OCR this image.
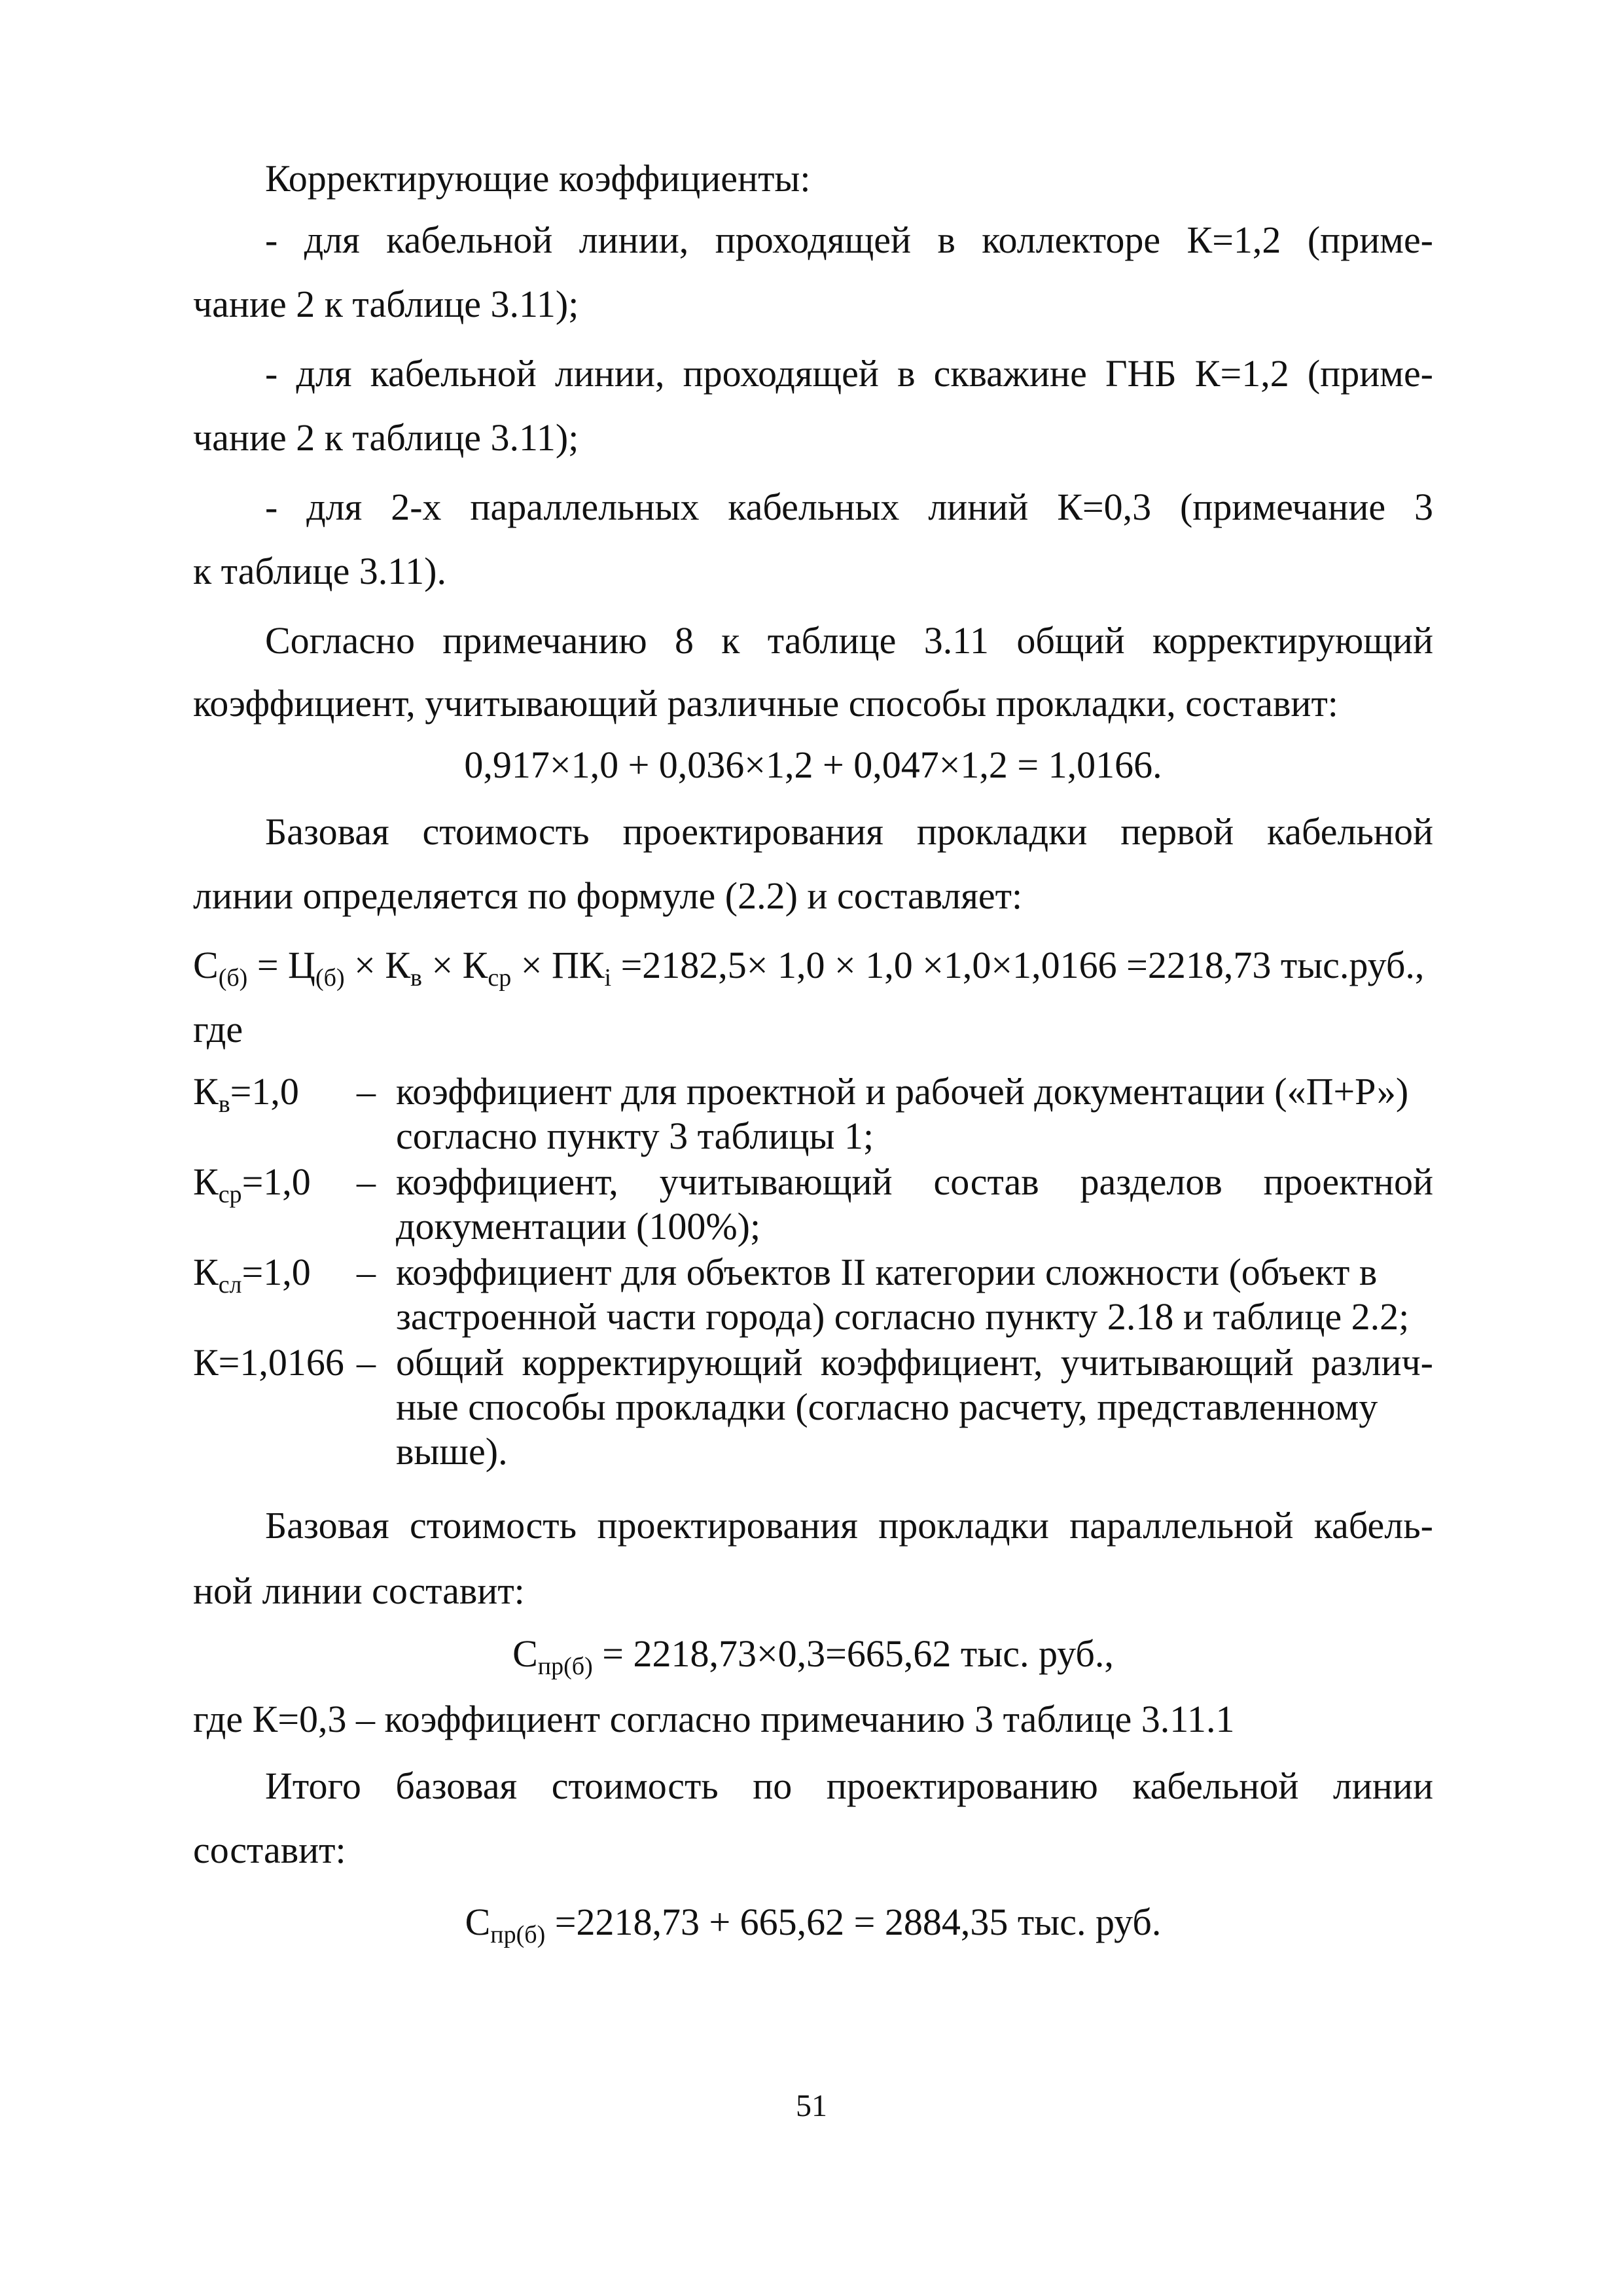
Корректирующие коэффициенты:
- для кабельной линии, проходящей в коллекторе К=1,2 (приме-
чание 2 к таблице 3.11);
- для кабельной линии, проходящей в скважине ГНБ К=1,2 (приме-
чание 2 к таблице 3.11);
- для 2-х параллельных кабельных линий К=0,3 (примечание 3
к таблице 3.11).
Согласно примечанию 8 к таблице 3.11 общий корректирующий
коэффициент, учитывающий различные способы прокладки, составит:
0,917×1,0 + 0,036×1,2 + 0,047×1,2 = 1,0166.
Базовая стоимость проектирования прокладки первой кабельной
линии определяется по формуле (2.2) и составляет:
$С_{(б)} = Ц_{(б)} \times К_в \times К_{ср} \times ПК_i =2182,5\times 1,0 \times 1,0 \times 1,0\times 1,0166 =2218,73$ тыс.руб.,
где
$К_в=1,0$	– коэффициент для проектной и рабочей документации («П+Р»)
согласно пункту 3 таблицы 1;
$К_{ср}=1,0$	– коэффициент, учитывающий состав разделов проектной
документации (100%);
$К_{сл}=1,0$	– коэффициент для объектов II категории сложности (объект в
застроенной части города) согласно пункту 2.18 и таблице 2.2;
К=1,0166 – общий корректирующий коэффициент, учитывающий различ-
ные способы прокладки (согласно расчету, представленному
выше).
Базовая стоимость проектирования прокладки параллельной кабель-
ной линии составит:
$С_{пр(б)} = 2218,73\times 0,3=665,62$ тыс. руб.,
где К=0,3 – коэффициент согласно примечанию 3 таблице 3.11.1
Итого базовая стоимость по проектированию кабельной линии
составит:
$С_{пр(б)} =2218,73 + 665,62 = 2884,35$ тыс. руб.
51
